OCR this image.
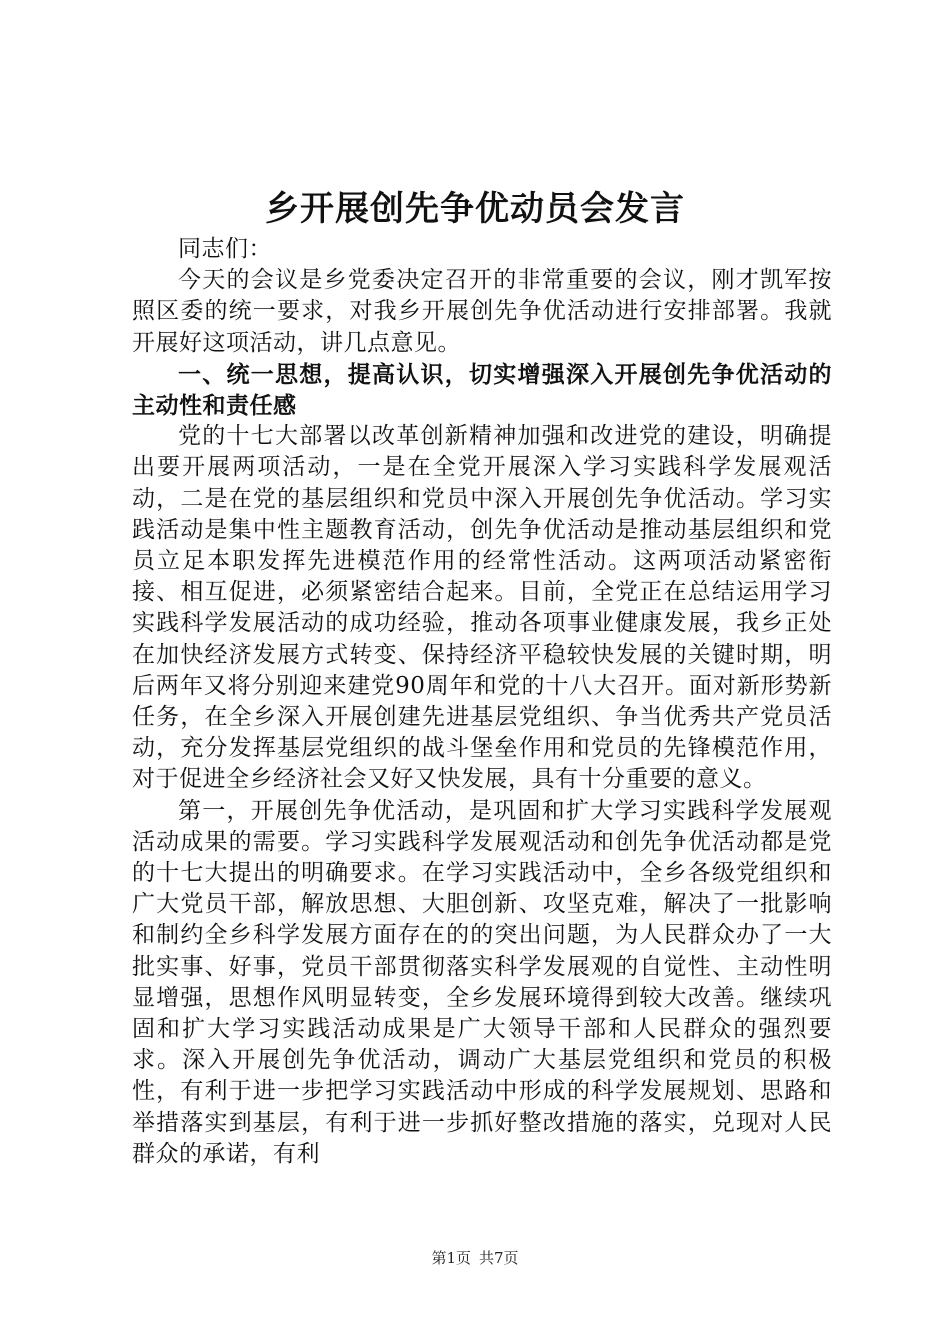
乡开展创先争优动员会发言

同志们：

今天的会议是乡党委决定召开的非常重要的会议，刚才凯军按照区委的统一要求，对我乡开展创先争优活动进行安排部署。我就开展好这项活动，讲几点意见。

一、统一思想，提高认识，切实增强深入开展创先争优活动的主动性和责任感

党的十七大部署以改革创新精神加强和改进党的建设，明确提出要开展两项活动，一是在全党开展深入学习实践科学发展观活动，二是在党的基层组织和党员中深入开展创先争优活动。学习实践活动是集中性主题教育活动，创先争优活动是推动基层组织和党员立足本职发挥先进模范作用的经常性活动。这两项活动紧密衔接、相互促进，必须紧密结合起来。目前，全党正在总结运用学习实践科学发展活动的成功经验，推动各项事业健康发展，我乡正处在加快经济发展方式转变、保持经济平稳较快发展的关键时期，明后两年又将分别迎来建党90周年和党的十八大召开。面对新形势新任务，在全乡深入开展创建先进基层党组织、争当优秀共产党员活动，充分发挥基层党组织的战斗堡垒作用和党员的先锋模范作用，对于促进全乡经济社会又好又快发展，具有十分重要的意义。

第一，开展创先争优活动，是巩固和扩大学习实践科学发展观活动成果的需要。学习实践科学发展观活动和创先争优活动都是党的十七大提出的明确要求。在学习实践活动中，全乡各级党组织和广大党员干部，解放思想、大胆创新、攻坚克难，解决了一批影响和制约全乡科学发展方面存在的的突出问题，为人民群众办了一大批实事、好事，党员干部贯彻落实科学发展观的自觉性、主动性明显增强，思想作风明显转变，全乡发展环境得到较大改善。继续巩固和扩大学习实践活动成果是广大领导干部和人民群众的强烈要求。深入开展创先争优活动，调动广大基层党组织和党员的积极性，有利于进一步把学习实践活动中形成的科学发展规划、思路和举措落实到基层，有利于进一步抓好整改措施的落实，兑现对人民群众的承诺，有利

第1页 共7页
